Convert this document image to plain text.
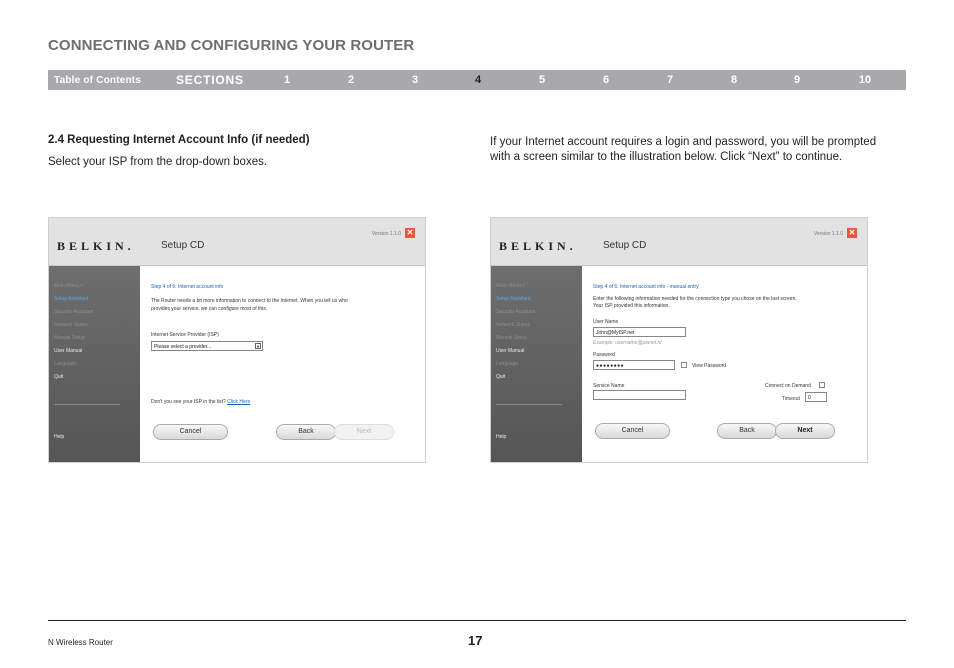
CONNECTING AND CONFIGURING YOUR ROUTER
Table of Contents	SECTIONS	1	2	3	4	5	6	7	8	9	10
2.4 Requesting Internet Account Info (if needed)
Select your ISP from the drop-down boxes.
If your Internet account requires a login and password, you will be prompted with a screen similar to the illustration below. Click “Next” to continue.
BELKIN.	Setup CD
Version 1.1.0 ✕
Main Menu >
Setup Assistant
Security Assistant
Network Status
Manual Setup
User Manual
Language
Quit
Help
Step 4 of 6: Internet account info
The Router needs a bit more information to connect to the Internet. When you tell us who
provides your service, we can configure most of this.
Internet Service Provider (ISP)
Please select a provider...	▼
Don't you see your ISP in the list? Click Here
Cancel	Back	Next
BELKIN.	Setup CD
Version 1.1.0 ✕
Main Menu >
Setup Assistant
Security Assistant
Network Status
Manual Setup
User Manual
Language
Quit
Help
Step 4 of 6: Internet account info - manual entry
Enter the following information needed for the connection type you chose on the last screen.
Your ISP provided this information.
User Name
John@MyISP.net
Example: username@planet.nl
Password
●●●●●●●●	View Password
Service Name	Connect on Demand
Timeout	0
Cancel	Back	Next
N Wireless Router	17
